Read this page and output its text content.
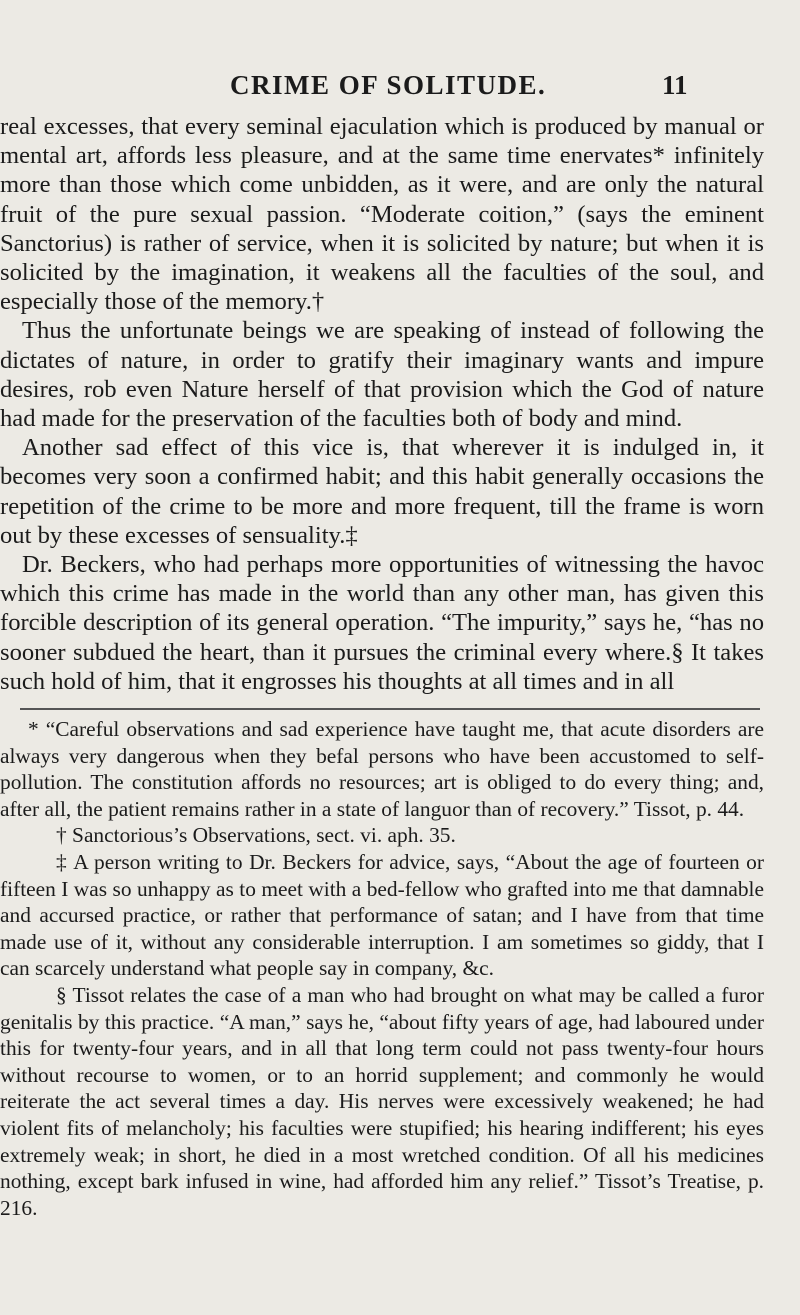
CRIME OF SOLITUDE.	11

real excesses, that every seminal ejaculation which is produced by manual or mental art, affords less pleasure, and at the same time enervates* infinitely more than those which come unbidden, as it were, and are only the natural fruit of the pure sexual passion. “Moderate coition,” (says the eminent Sanctorius) is rather of service, when it is solicited by nature; but when it is solicited by the imagination, it weakens all the faculties of the soul, and especially those of the memory.†

Thus the unfortunate beings we are speaking of instead of following the dictates of nature, in order to gratify their imaginary wants and impure desires, rob even Nature herself of that provision which the God of nature had made for the preservation of the faculties both of body and mind.

Another sad effect of this vice is, that wherever it is indulged in, it becomes very soon a confirmed habit; and this habit generally occasions the repetition of the crime to be more and more frequent, till the frame is worn out by these excesses of sensuality.‡

Dr. Beckers, who had perhaps more opportunities of witnessing the havoc which this crime has made in the world than any other man, has given this forcible description of its general operation. “The impurity,” says he, “has no sooner subdued the heart, than it pursues the criminal every where.§ It takes such hold of him, that it engrosses his thoughts at all times and in all

* “Careful observations and sad experience have taught me, that acute disorders are always very dangerous when they befal persons who have been accustomed to self-pollution. The constitution affords no resources; art is obliged to do every thing; and, after all, the patient remains rather in a state of languor than of recovery.” Tissot, p. 44.

† Sanctorious’s Observations, sect. vi. aph. 35.

‡ A person writing to Dr. Beckers for advice, says, “About the age of fourteen or fifteen I was so unhappy as to meet with a bed-fellow who grafted into me that damnable and accursed practice, or rather that performance of satan; and I have from that time made use of it, without any considerable interruption. I am sometimes so giddy, that I can scarcely understand what people say in company, &c.

§ Tissot relates the case of a man who had brought on what may be called a furor genitalis by this practice. “A man,” says he, “about fifty years of age, had laboured under this for twenty-four years, and in all that long term could not pass twenty-four hours without recourse to women, or to an horrid supplement; and commonly he would reiterate the act several times a day. His nerves were excessively weakened; he had violent fits of melancholy; his faculties were stupified; his hearing indifferent; his eyes extremely weak; in short, he died in a most wretched condition. Of all his medicines nothing, except bark infused in wine, had afforded him any relief.” Tissot’s Treatise, p. 216.
